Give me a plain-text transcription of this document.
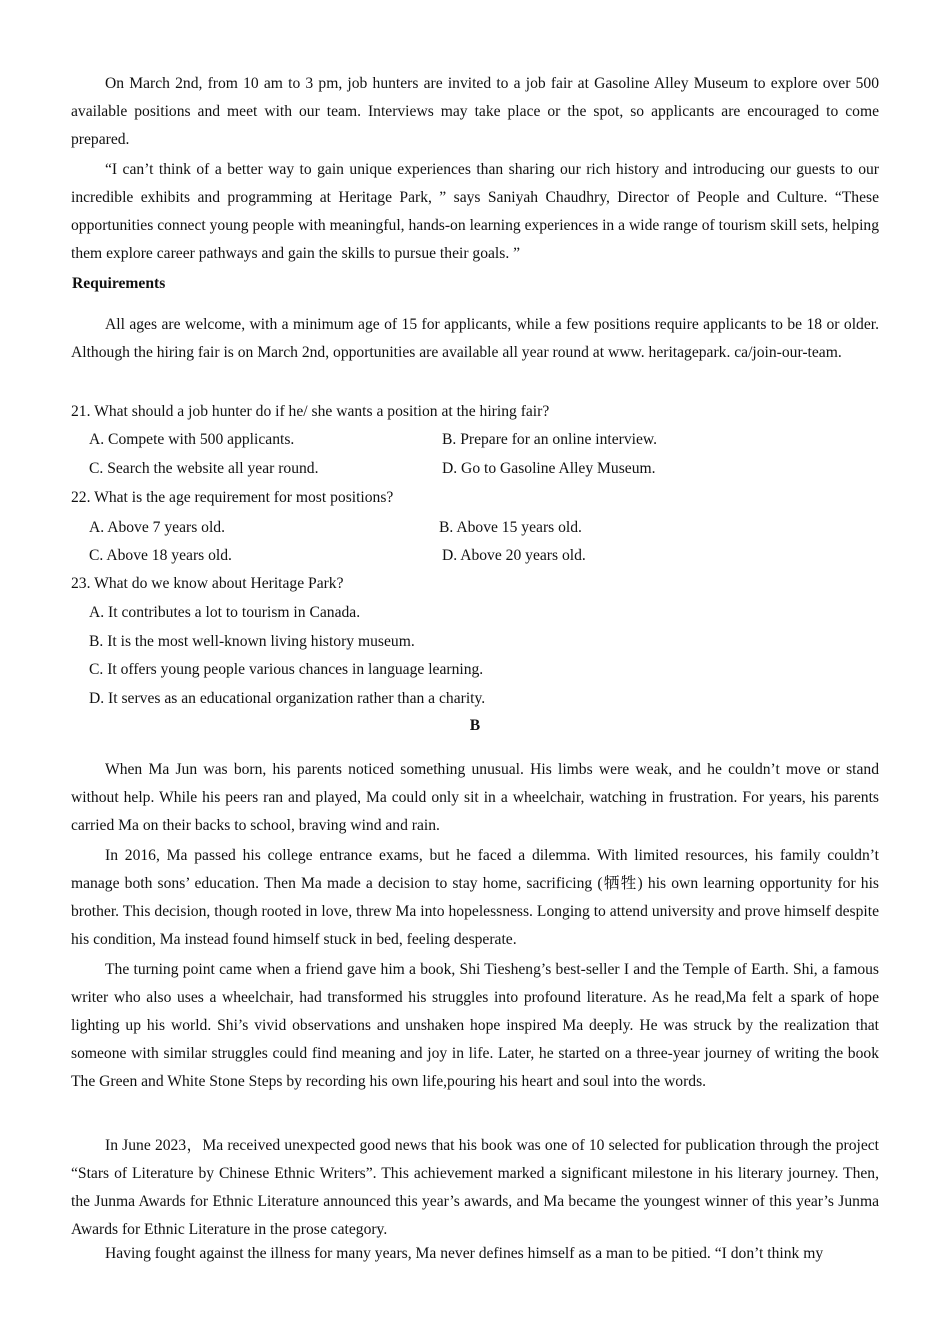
On March 2nd, from 10 am to 3 pm, job hunters are invited to a job fair at Gasoline Alley Museum to explore over 500 available positions and meet with our team. Interviews may take place or the spot, so applicants are encouraged to come prepared.

“I can’t think of a better way to gain unique experiences than sharing our rich history and introducing our guests to our incredible exhibits and programming at Heritage Park, ” says Saniyah Chaudhry, Director of People and Culture. “These opportunities connect young people with meaningful, hands-on learning experiences in a wide range of tourism skill sets, helping them explore career pathways and gain the skills to pursue their goals. ”

Requirements

All ages are welcome, with a minimum age of 15 for applicants, while a few positions require applicants to be 18 or older. Although the hiring fair is on March 2nd, opportunities are available all year round at www. heritagepark. ca/join-our-team.

21. What should a job hunter do if he/ she wants a position at the hiring fair?

A. Compete with 500 applicants.	B. Prepare for an online interview.

C. Search the website all year round.	D. Go to Gasoline Alley Museum.

22. What is the age requirement for most positions?

A. Above 7 years old.	B. Above 15 years old.

C. Above 18 years old.	D. Above 20 years old.

23. What do we know about Heritage Park?

A. It contributes a lot to tourism in Canada.

B. It is the most well-known living history museum.

C. It offers young people various chances in language learning.

D. It serves as an educational organization rather than a charity.

B

When Ma Jun was born, his parents noticed something unusual. His limbs were weak, and he couldn’t move or stand without help. While his peers ran and played, Ma could only sit in a wheelchair, watching in frustration. For years, his parents carried Ma on their backs to school, braving wind and rain.

In 2016, Ma passed his college entrance exams, but he faced a dilemma. With limited resources, his family couldn’t manage both sons’ education. Then Ma made a decision to stay home, sacrificing (牺牲) his own learning opportunity for his brother. This decision, though rooted in love, threw Ma into hopelessness. Longing to attend university and prove himself despite his condition, Ma instead found himself stuck in bed, feeling desperate.

The turning point came when a friend gave him a book, Shi Tiesheng’s best-seller I and the Temple of Earth. Shi, a famous writer who also uses a wheelchair, had transformed his struggles into profound literature. As he read,Ma felt a spark of hope lighting up his world. Shi’s vivid observations and unshaken hope inspired Ma deeply. He was struck by the realization that someone with similar struggles could find meaning and joy in life. Later, he started on a three-year journey of writing the book The Green and White Stone Steps by recording his own life,pouring his heart and soul into the words.

In June 2023，Ma received unexpected good news that his book was one of 10 selected for publication through the project “Stars of Literature by Chinese Ethnic Writers”. This achievement marked a significant milestone in his literary journey. Then, the Junma Awards for Ethnic Literature announced this year’s awards, and Ma became the youngest winner of this year’s Junma Awards for Ethnic Literature in the prose category.

Having fought against the illness for many years, Ma never defines himself as a man to be pitied. “I don’t think my
